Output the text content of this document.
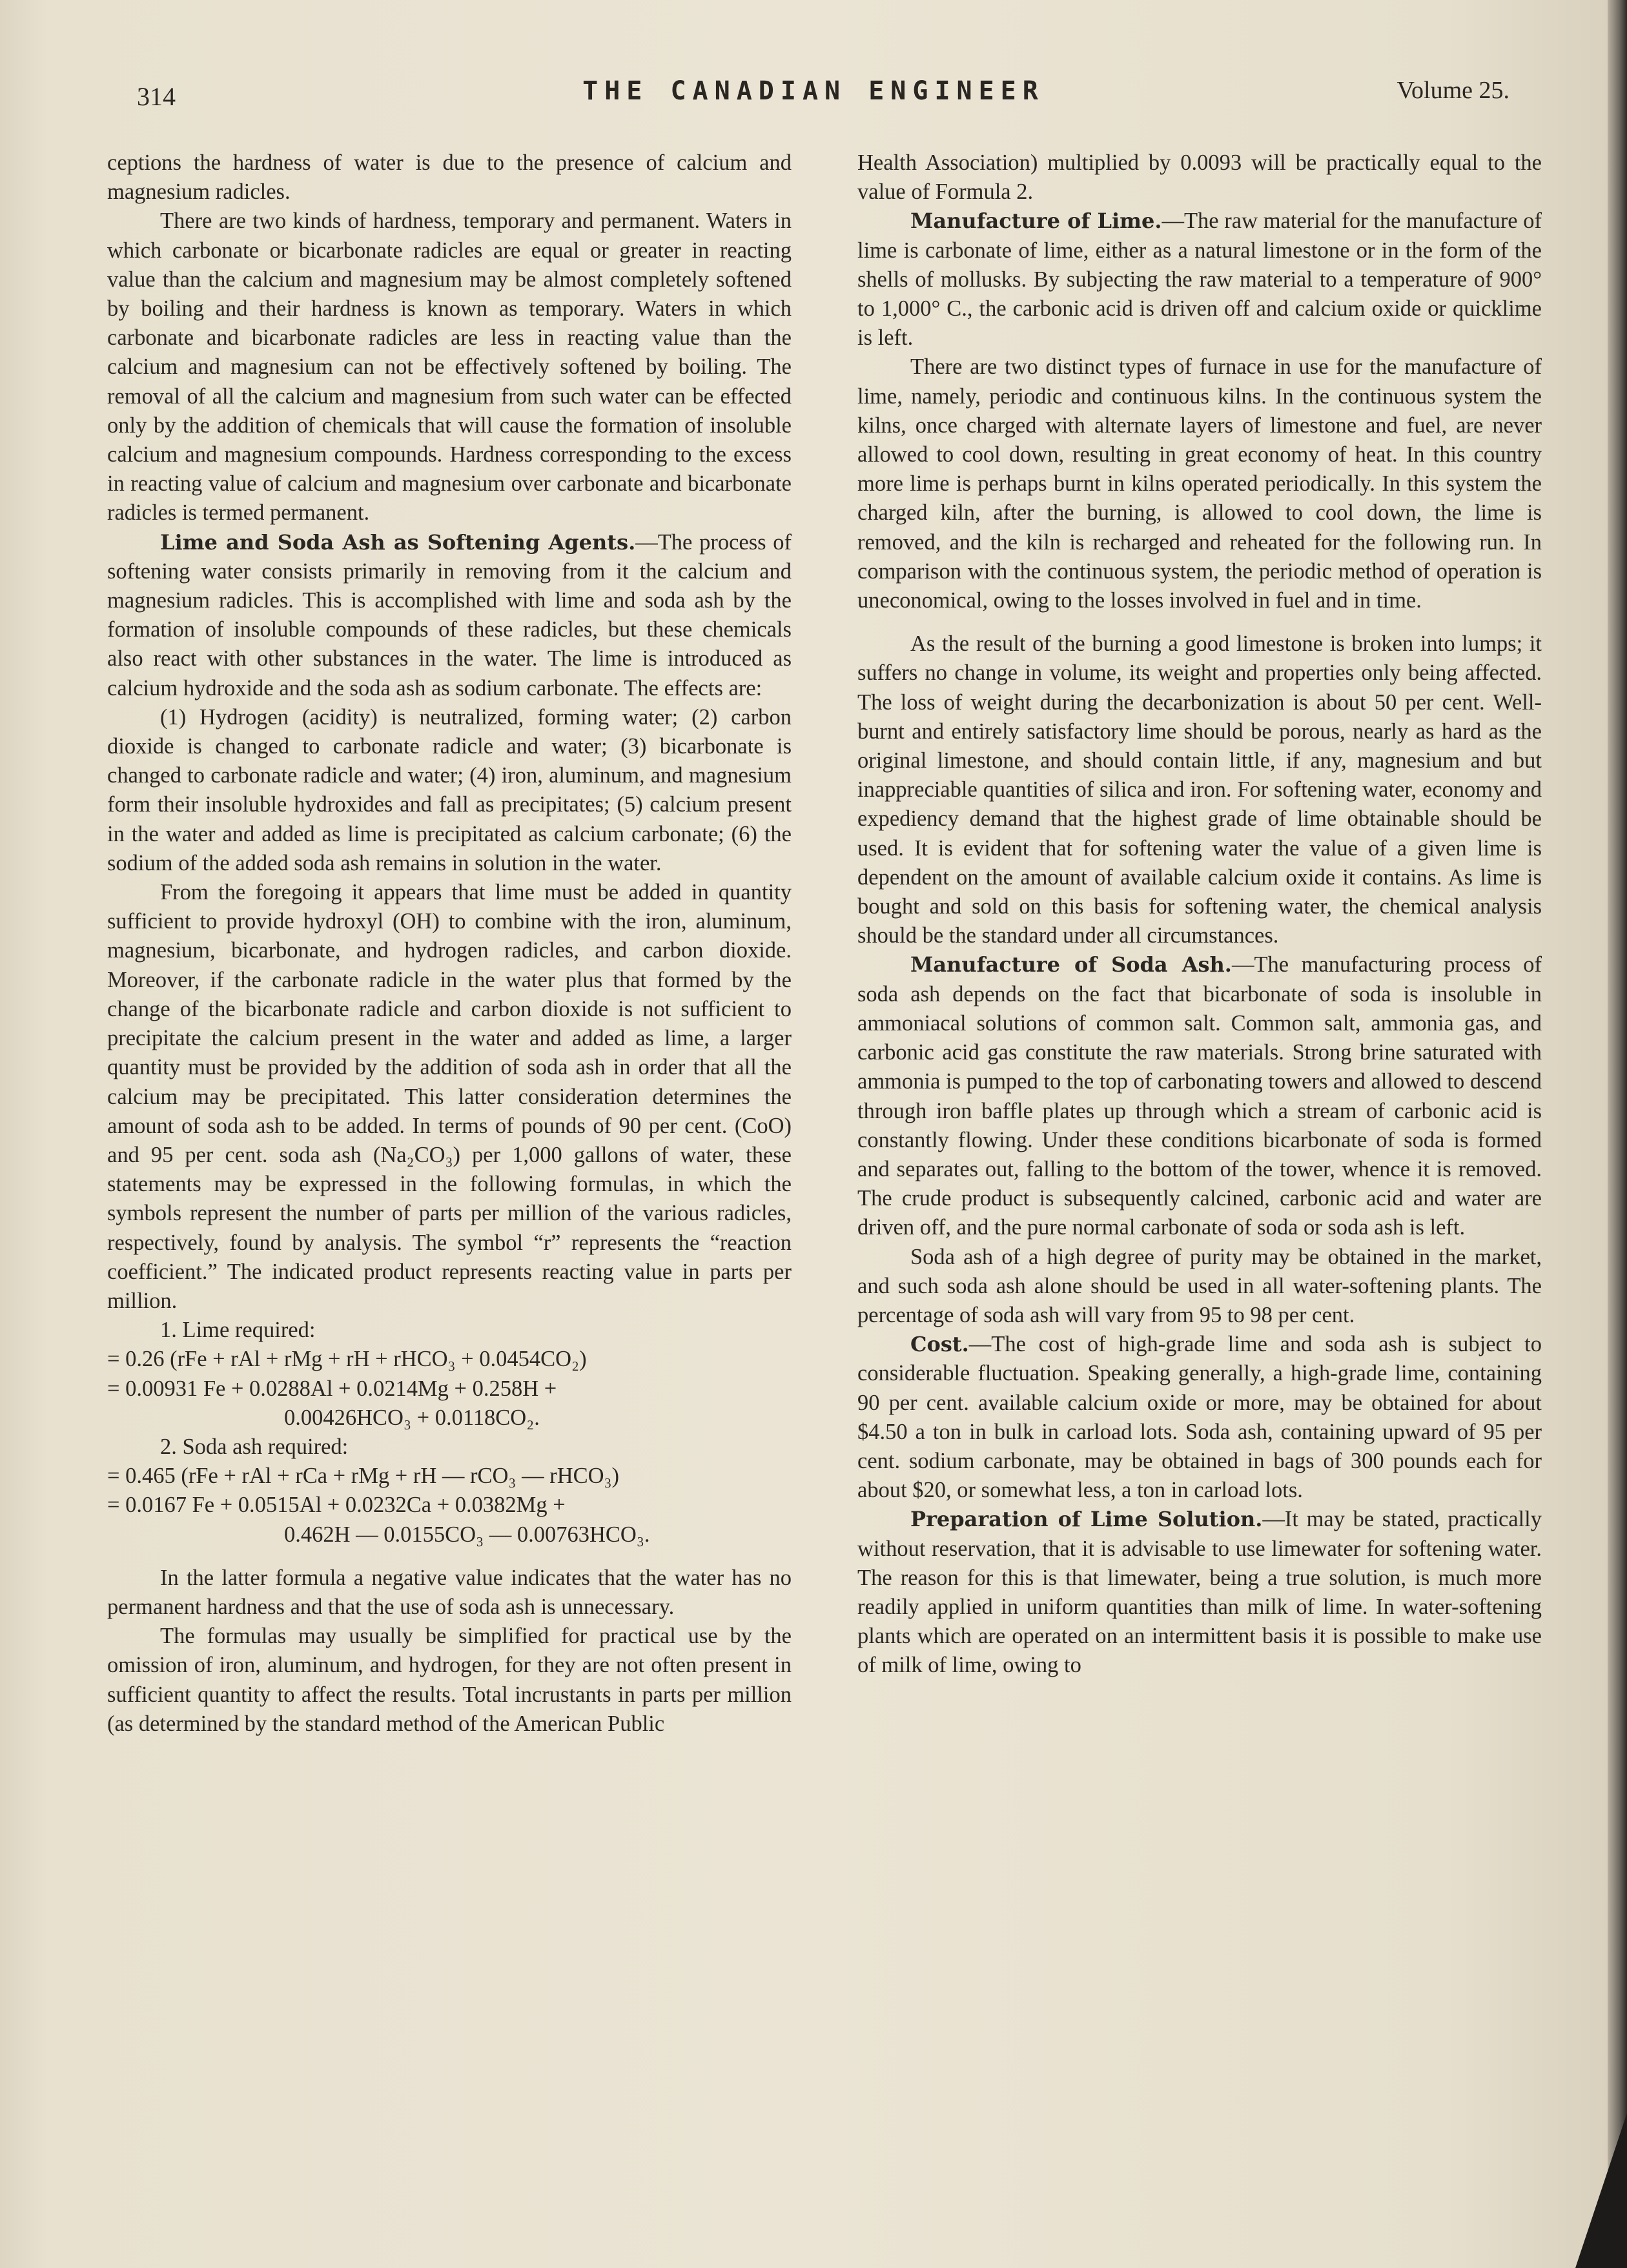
314	THE CANADIAN ENGINEER	Volume 25.

ceptions the hardness of water is due to the presence of calcium and magnesium radicles.

There are two kinds of hardness, temporary and permanent. Waters in which carbonate or bicarbonate radicles are equal or greater in reacting value than the calcium and magnesium may be almost completely softened by boiling and their hardness is known as temporary. Waters in which carbonate and bicarbonate radicles are less in reacting value than the calcium and magnesium can not be effectively softened by boiling. The removal of all the calcium and magnesium from such water can be effected only by the addition of chemicals that will cause the formation of insoluble calcium and magnesium compounds. Hardness corresponding to the excess in reacting value of calcium and magnesium over carbonate and bicarbonate radicles is termed permanent.

Lime and Soda Ash as Softening Agents.—The process of softening water consists primarily in removing from it the calcium and magnesium radicles. This is accomplished with lime and soda ash by the formation of insoluble compounds of these radicles, but these chemicals also react with other substances in the water. The lime is introduced as calcium hydroxide and the soda ash as sodium carbonate. The effects are:

(1) Hydrogen (acidity) is neutralized, forming water; (2) carbon dioxide is changed to carbonate radicle and water; (3) bicarbonate is changed to carbonate radicle and water; (4) iron, aluminum, and magnesium form their insoluble hydroxides and fall as precipitates; (5) calcium present in the water and added as lime is precipitated as calcium carbonate; (6) the sodium of the added soda ash remains in solution in the water.

From the foregoing it appears that lime must be added in quantity sufficient to provide hydroxyl (OH) to combine with the iron, aluminum, magnesium, bicarbonate, and hydrogen radicles, and carbon dioxide. Moreover, if the carbonate radicle in the water plus that formed by the change of the bicarbonate radicle and carbon dioxide is not sufficient to precipitate the calcium present in the water and added as lime, a larger quantity must be provided by the addition of soda ash in order that all the calcium may be precipitated. This latter consideration determines the amount of soda ash to be added. In terms of pounds of 90 per cent. (CoO) and 95 per cent. soda ash (Na₂CO₃) per 1,000 gallons of water, these statements may be expressed in the following formulas, in which the symbols represent the number of parts per million of the various radicles, respectively, found by analysis. The symbol “r” represents the “reaction coefficient.” The indicated product represents reacting value in parts per million.

1. Lime required:
= 0.26 (rFe + rAl + rMg + rH + rHCO₃ + 0.0454CO₂)
= 0.00931 Fe + 0.0288Al + 0.0214Mg + 0.258H +
0.00426HCO₃ + 0.0118CO₂.
2. Soda ash required:
= 0.465 (rFe + rAl + rCa + rMg + rH — rCO₃ — rHCO₃)
= 0.0167 Fe + 0.0515Al + 0.0232Ca + 0.0382Mg +
0.462H — 0.0155CO₃ — 0.00763HCO₃.

In the latter formula a negative value indicates that the water has no permanent hardness and that the use of soda ash is unnecessary.

The formulas may usually be simplified for practical use by the omission of iron, aluminum, and hydrogen, for they are not often present in sufficient quantity to affect the results. Total incrustants in parts per million (as determined by the standard method of the American Public

Health Association) multiplied by 0.0093 will be practically equal to the value of Formula 2.

Manufacture of Lime.—The raw material for the manufacture of lime is carbonate of lime, either as a natural limestone or in the form of the shells of mollusks. By subjecting the raw material to a temperature of 900° to 1,000° C., the carbonic acid is driven off and calcium oxide or quicklime is left.

There are two distinct types of furnace in use for the manufacture of lime, namely, periodic and continuous kilns. In the continuous system the kilns, once charged with alternate layers of limestone and fuel, are never allowed to cool down, resulting in great economy of heat. In this country more lime is perhaps burnt in kilns operated periodically. In this system the charged kiln, after the burning, is allowed to cool down, the lime is removed, and the kiln is recharged and reheated for the following run. In comparison with the continuous system, the periodic method of operation is uneconomical, owing to the losses involved in fuel and in time.

As the result of the burning a good limestone is broken into lumps; it suffers no change in volume, its weight and properties only being affected. The loss of weight during the decarbonization is about 50 per cent. Well-burnt and entirely satisfactory lime should be porous, nearly as hard as the original limestone, and should contain little, if any, magnesium and but inappreciable quantities of silica and iron. For softening water, economy and expediency demand that the highest grade of lime obtainable should be used. It is evident that for softening water the value of a given lime is dependent on the amount of available calcium oxide it contains. As lime is bought and sold on this basis for softening water, the chemical analysis should be the standard under all circumstances.

Manufacture of Soda Ash.—The manufacturing process of soda ash depends on the fact that bicarbonate of soda is insoluble in ammoniacal solutions of common salt. Common salt, ammonia gas, and carbonic acid gas constitute the raw materials. Strong brine saturated with ammonia is pumped to the top of carbonating towers and allowed to descend through iron baffle plates up through which a stream of carbonic acid is constantly flowing. Under these conditions bicarbonate of soda is formed and separates out, falling to the bottom of the tower, whence it is removed. The crude product is subsequently calcined, carbonic acid and water are driven off, and the pure normal carbonate of soda or soda ash is left.

Soda ash of a high degree of purity may be obtained in the market, and such soda ash alone should be used in all water-softening plants. The percentage of soda ash will vary from 95 to 98 per cent.

Cost.—The cost of high-grade lime and soda ash is subject to considerable fluctuation. Speaking generally, a high-grade lime, containing 90 per cent. available calcium oxide or more, may be obtained for about $4.50 a ton in bulk in carload lots. Soda ash, containing upward of 95 per cent. sodium carbonate, may be obtained in bags of 300 pounds each for about $20, or somewhat less, a ton in carload lots.

Preparation of Lime Solution.—It may be stated, practically without reservation, that it is advisable to use limewater for softening water. The reason for this is that limewater, being a true solution, is much more readily applied in uniform quantities than milk of lime. In water-softening plants which are operated on an intermittent basis it is possible to make use of milk of lime, owing to
